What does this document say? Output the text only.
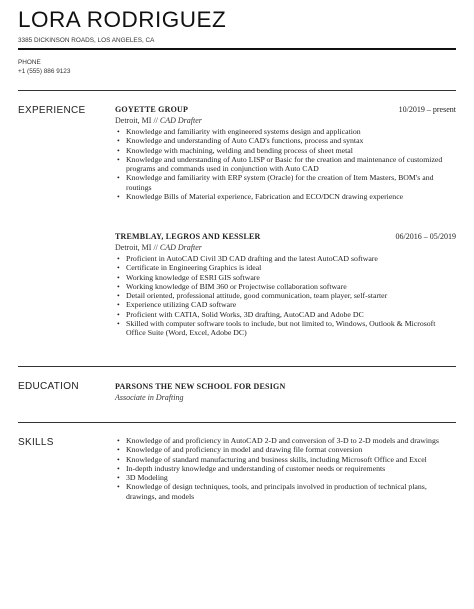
LORA RODRIGUEZ
3385 DICKINSON ROADS, LOS ANGELES, CA
PHONE
+1 (555) 886 9123
EXPERIENCE	GOYETTE GROUP	10/2019 – present
Detroit, MI // CAD Drafter
• Knowledge and familiarity with engineered systems design and application
• Knowledge and understanding of Auto CAD's functions, process and syntax
• Knowledge with machining, welding and bending process of sheet metal
• Knowledge and understanding of Auto LISP or Basic for the creation and maintenance of customized programs and commands used in conjunction with Auto CAD
• Knowledge and familiarity with ERP system (Oracle) for the creation of Item Masters, BOM's and routings
• Knowledge Bills of Material experience, Fabrication and ECO/DCN drawing experience
TREMBLAY, LEGROS AND KESSLER	06/2016 – 05/2019
Detroit, MI // CAD Drafter
• Proficient in AutoCAD Civil 3D CAD drafting and the latest AutoCAD software
• Certificate in Engineering Graphics is ideal
• Working knowledge of ESRI GIS software
• Working knowledge of BIM 360 or Projectwise collaboration software
• Detail oriented, professional attitude, good communication, team player, self-starter
• Experience utilizing CAD software
• Proficient with CATIA, Solid Works, 3D drafting, AutoCAD and Adobe DC
• Skilled with computer software tools to include, but not limited to, Windows, Outlook & Microsoft Office Suite (Word, Excel, Adobe DC)
EDUCATION	PARSONS THE NEW SCHOOL FOR DESIGN
Associate in Drafting
SKILLS
•	Knowledge of and proficiency in AutoCAD 2-D and conversion of 3-D to 2-D models and drawings
• Knowledge of and proficiency in model and drawing file format conversion
• Knowledge of standard manufacturing and business skills, including Microsoft Office and Excel
• In-depth industry knowledge and understanding of customer needs or requirements
• 3D Modeling
• Knowledge of design techniques, tools, and principals involved in production of technical plans, drawings, and models
